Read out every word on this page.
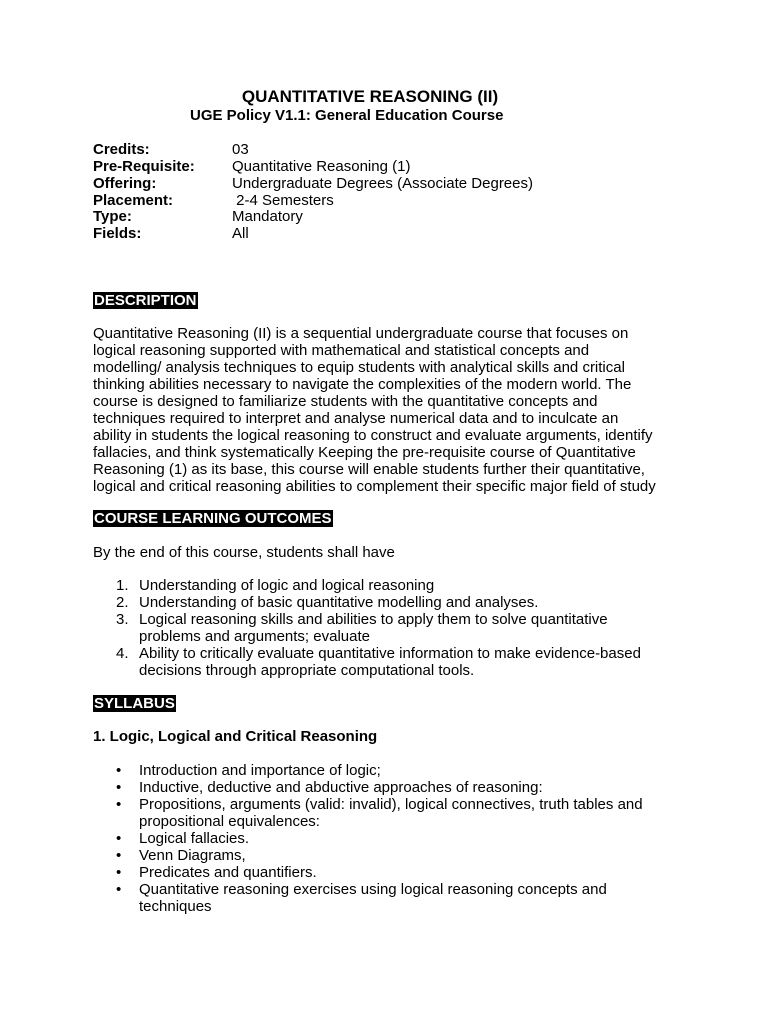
QUANTITATIVE REASONING (II)
UGE Policy V1.1: General Education Course
Credits:	03
Pre-Requisite: Quantitative Reasoning (1)
Offering:	Undergraduate Degrees (Associate Degrees)
Placement:	2-4 Semesters
Type:	Mandatory
Fields:	All
DESCRIPTION
Quantitative Reasoning (II) is a sequential undergraduate course that focuses on
logical reasoning supported with mathematical and statistical concepts and
modelling/ analysis techniques to equip students with analytical skills and critical
thinking abilities necessary to navigate the complexities of the modern world. The
course is designed to familiarize students with the quantitative concepts and
techniques required to interpret and analyse numerical data and to inculcate an
ability in students the logical reasoning to construct and evaluate arguments, identify
fallacies, and think systematically Keeping the pre-requisite course of Quantitative
Reasoning (1) as its base, this course will enable students further their quantitative,
logical and critical reasoning abilities to complement their specific major field of study
COURSE LEARNING OUTCOMES
By the end of this course, students shall have
1. Understanding of logic and logical reasoning
2. Understanding of basic quantitative modelling and analyses.
3. Logical reasoning skills and abilities to apply them to solve quantitative
problems and arguments; evaluate
4. Ability to critically evaluate quantitative information to make evidence-based
decisions through appropriate computational tools.
SYLLABUS
1. Logic, Logical and Critical Reasoning
• Introduction and importance of logic;
• Inductive, deductive and abductive approaches of reasoning:
• Propositions, arguments (valid: invalid), logical connectives, truth tables and
propositional equivalences:
• Logical fallacies.
• Venn Diagrams,
• Predicates and quantifiers.
• Quantitative reasoning exercises using logical reasoning concepts and
techniques
